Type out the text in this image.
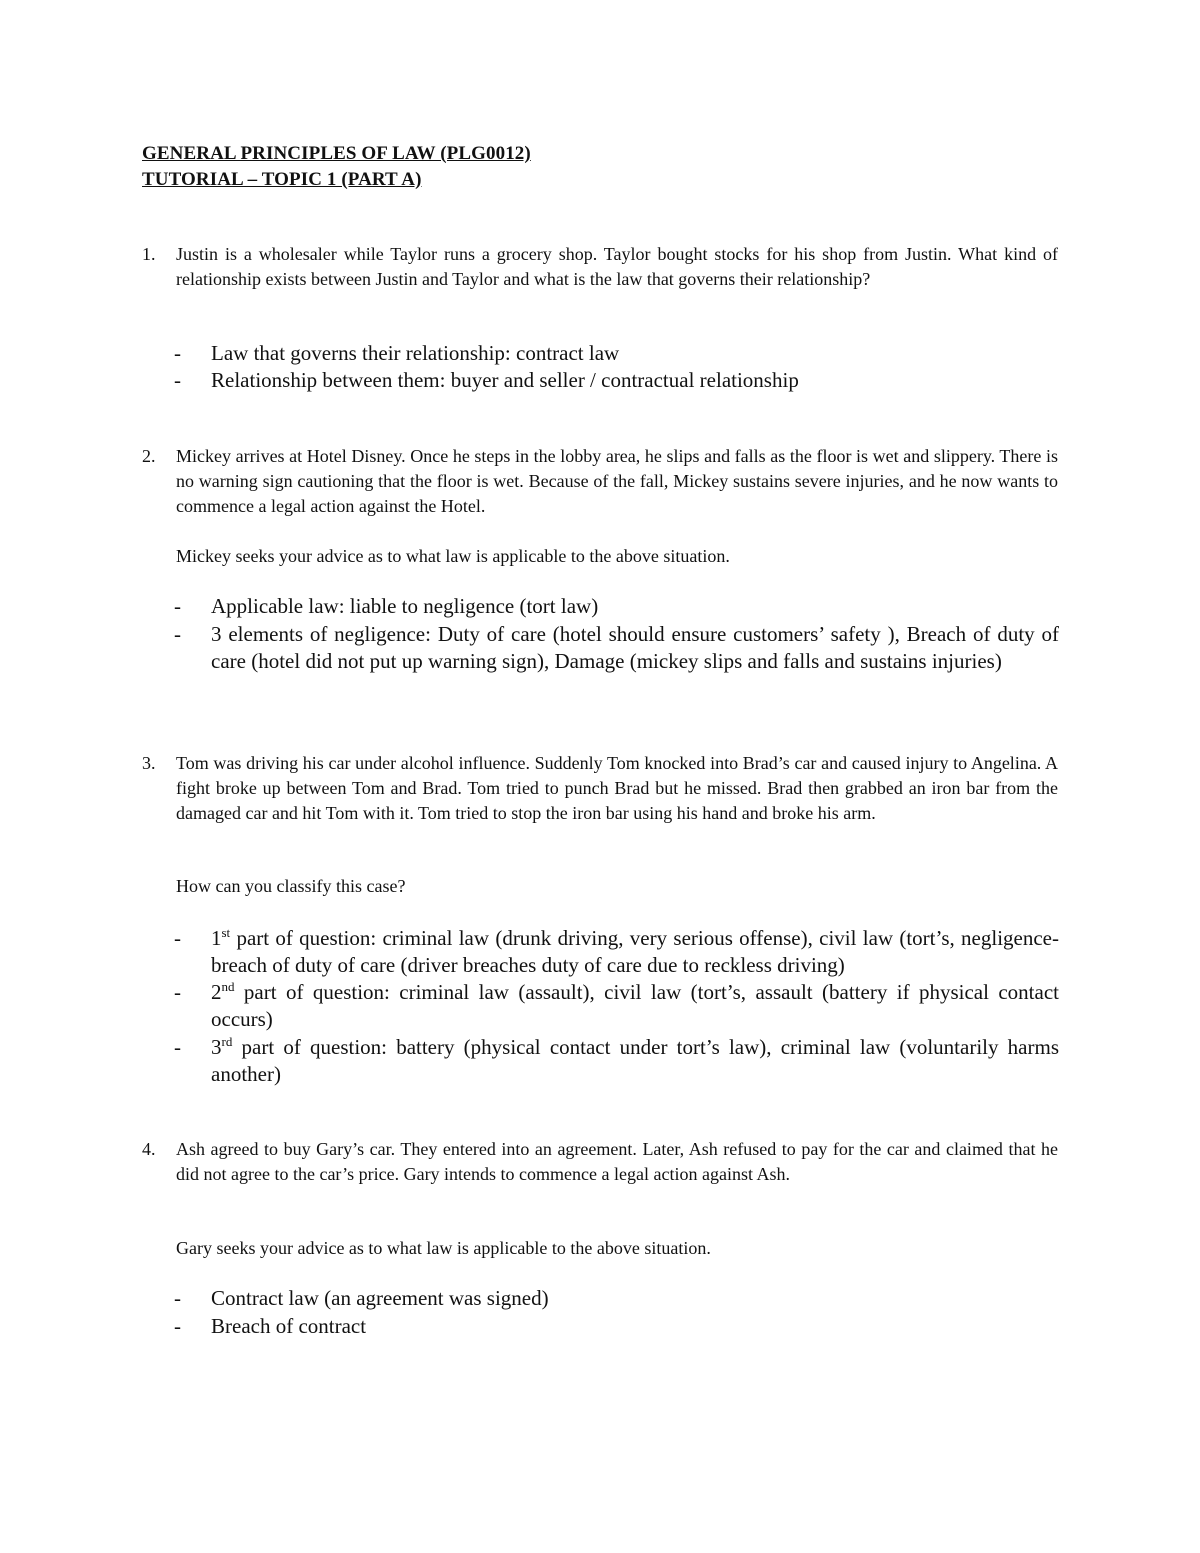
GENERAL PRINCIPLES OF LAW (PLG0012)
TUTORIAL – TOPIC 1 (PART A)
1. Justin is a wholesaler while Taylor runs a grocery shop. Taylor bought stocks for his shop from Justin. What kind of relationship exists between Justin and Taylor and what is the law that governs their relationship?
- Law that governs their relationship: contract law
- Relationship between them: buyer and seller / contractual relationship
2. Mickey arrives at Hotel Disney. Once he steps in the lobby area, he slips and falls as the floor is wet and slippery. There is no warning sign cautioning that the floor is wet. Because of the fall, Mickey sustains severe injuries, and he now wants to commence a legal action against the Hotel.
Mickey seeks your advice as to what law is applicable to the above situation.
- Applicable law: liable to negligence (tort law)
- 3 elements of negligence: Duty of care (hotel should ensure customers’ safety ), Breach of duty of care (hotel did not put up warning sign), Damage (mickey slips and falls and sustains injuries)
3. Tom was driving his car under alcohol influence. Suddenly Tom knocked into Brad’s car and caused injury to Angelina. A fight broke up between Tom and Brad. Tom tried to punch Brad but he missed. Brad then grabbed an iron bar from the damaged car and hit Tom with it. Tom tried to stop the iron bar using his hand and broke his arm.
How can you classify this case?
- 1st part of question: criminal law (drunk driving, very serious offense), civil law (tort’s, negligence- breach of duty of care (driver breaches duty of care due to reckless driving)
- 2nd part of question: criminal law (assault), civil law (tort’s, assault (battery if physical contact occurs)
- 3rd part of question: battery (physical contact under tort’s law), criminal law (voluntarily harms another)
4. Ash agreed to buy Gary’s car. They entered into an agreement. Later, Ash refused to pay for the car and claimed that he did not agree to the car’s price. Gary intends to commence a legal action against Ash.
Gary seeks your advice as to what law is applicable to the above situation.
- Contract law (an agreement was signed)
- Breach of contract
